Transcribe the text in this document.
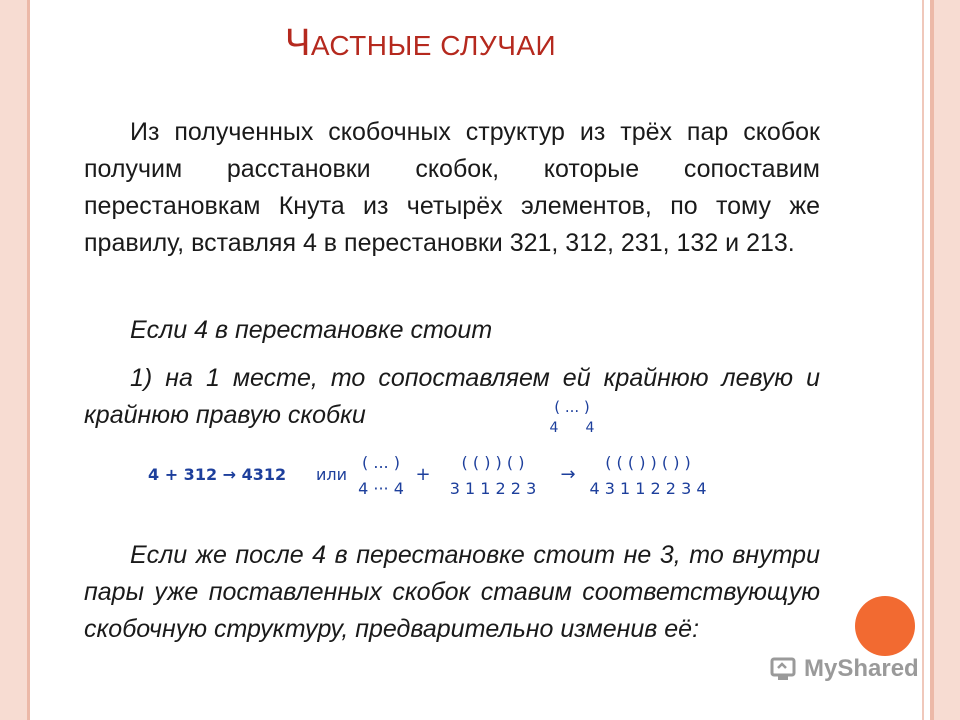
ЧАСТНЫЕ СЛУЧАИ
Из полученных скобочных структур из трёх пар скобок получим расстановки скобок, которые сопоставим перестановкам Кнута из четырёх элементов, по тому же правилу, вставляя 4 в перестановки 321, 312, 231, 132 и 213.
Если 4 в перестановке стоит
1) на 1 месте, то сопоставляем ей крайнюю левую и крайнюю правую скобки	( ... )
4 4
4 + 312 → 4312 или
( ... )
4 ··· 4
+
( ( ) ) ( )
3 1 1 2 2 3
→
( ( ( ) ) ( ) )
4 3 1 1 2 2 3 4
Если же после 4 в перестановке стоит не 3, то внутри пары уже поставленных скобок ставим соответствующую скобочную структуру, предварительно изменив её:
MyShared
